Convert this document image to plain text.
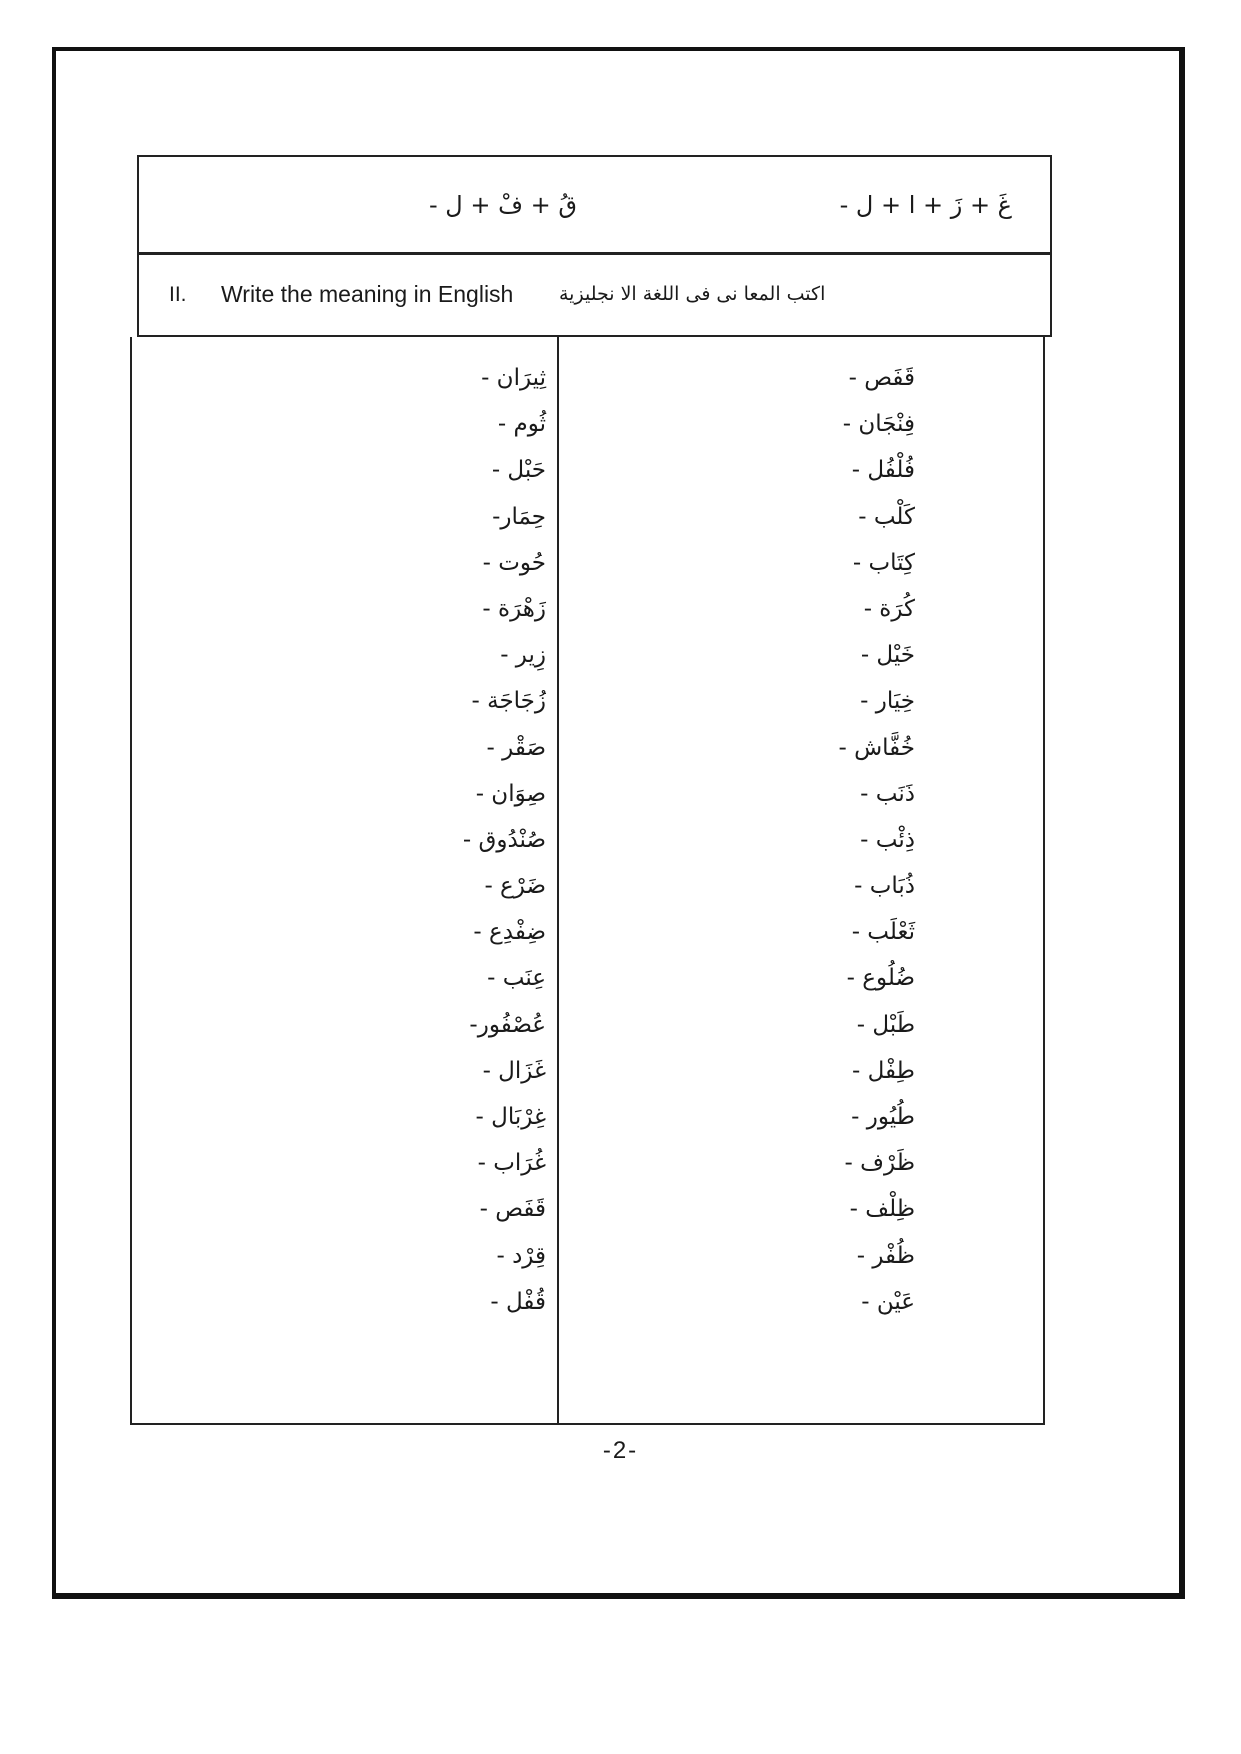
قُ + فْ + ل -	غَ + زَ + ا + ل -
II. Write the meaning in English اكتب المعا نى فى اللغة الا نجليزية
ثِيرَان -
ثُوم -
حَبْل -
حِمَار-
حُوت -
زَهْرَة -
زِير -
زُجَاجَة -
صَقْر -
صِوَان -
صُنْدُوق -
ضَرْع -
ضِفْدِع -
عِنَب -
عُصْفُور-
غَزَال -
غِرْبَال -
غُرَاب -
قَفَص -
قِرْد -
قُفْل -
قَفَص -
فِنْجَان -
فُلْفُل -
كَلْب -
كِتَاب -
كُرَة -
خَيْل -
خِيَار -
خُفَّاش -
ذَنَب -
ذِئْب -
ذُبَاب -
ثَعْلَب -
ضُلُوع -
طَبْل -
طِفْل -
طُيُور -
ظَرْف -
ظِلْف -
ظُفْر -
عَيْن -
-2-
